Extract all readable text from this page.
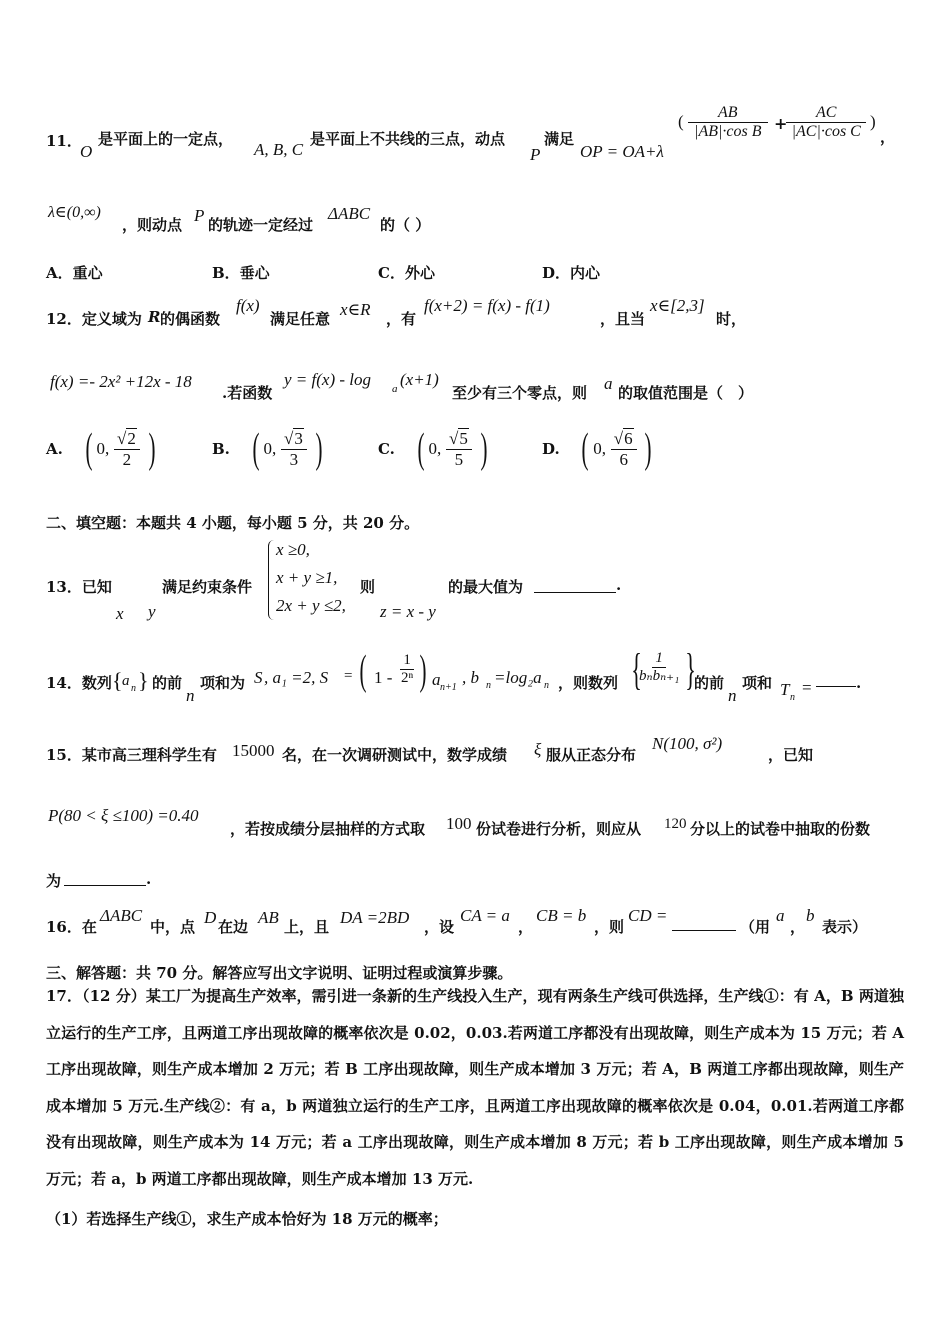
11．
O
是平面上的一定点，
A, B, C
是平面上不共线的三点，动点
P
满足
OP = OA+λ
( $\frac{AB}{\text{|AB|·cos B}}$ +
$\frac{AC}{\text{|AC|·cos C}}$ )
，
λ∈(0,∞)
，则动点 P 的轨迹一定经过
ΔABC
的（ ）
A．重心	B．垂心	C．外心	D．内心
12．定义域为 R 的偶函数
f(x)
满足任意 x∈R ，有
f(x+2) = f(x) - f(1)
，且当
x∈[2,3]
时，
f(x) =- 2x² +12x - 18
.若函数
y = f(x) - log a (x+1)
至少有三个零点，则 a 的取值范围是（　）
A. ( 0, $\frac{√2}{2}$ )	B. ( 0, $\frac{√3}{3}$ )	C. ( 0, $\frac{√5}{5}$ )	D. ( 0, $\frac{√6}{6}$ )
二、填空题：本题共 4 小题，每小题 5 分，共 20 分。
13．已知
x y
满足约束条件
x ≥0,
x + y ≥1,
2x + y ≤2,
则
z = x - y
的最大值为	.
14．数列 { a n } 的前
n
项和为 S , a₁ =2, S = ( $1 - \frac{1}{\text{2ⁿ}}$ ) a n+1
, b n =log₂a n ，则数列 {
$\frac{1}{\text{bₙbₙ₊₁}}$ }
的前
n
项和 T n
=	.
15．某市高三理科学生有 15000 名，在一次调研测试中，数学成绩 ξ 服从正态分布
N(100, σ²)
，已知
P(80 < ξ ≤100) =0.40
，若按成绩分层抽样的方式取 100 份试卷进行分析，则应从 120 分以上的试卷中抽取的份数
为	.
16．在
ΔABC
中，点 D 在边 AB 上，且 DA =2BD ，设
CA = a
，
CB = b
，则
CD =
（用
a
，
b
表示）
三、解答题：共 70 分。解答应写出文字说明、证明过程或演算步骤。
17．（12 分）某工厂为提高生产效率，需引进一条新的生产线投入生产，现有两条生产线可供选择，生产线①：有 A，B 两道独立运行的生产工序，且两道工序出现故障的概率依次是 0.02，0.03.若两道工序都没有出现故障，则生产成本为 15 万元；若 A 工序出现故障，则生产成本增加 2 万元；若 B 工序出现故障，则生产成本增加 3 万元；若 A，B 两道工序都出现故障，则生产成本增加 5 万元.生产线②：有 a，b 两道独立运行的生产工序，且两道工序出现故障的概率依次是 0.04，0.01.若两道工序都没有出现故障，则生产成本为 14 万元；若 a 工序出现故障，则生产成本增加 8 万元；若 b 工序出现故障，则生产成本增加 5 万元；若 a，b 两道工序都出现故障，则生产成本增加 13 万元.
（1）若选择生产线①，求生产成本恰好为 18 万元的概率；
